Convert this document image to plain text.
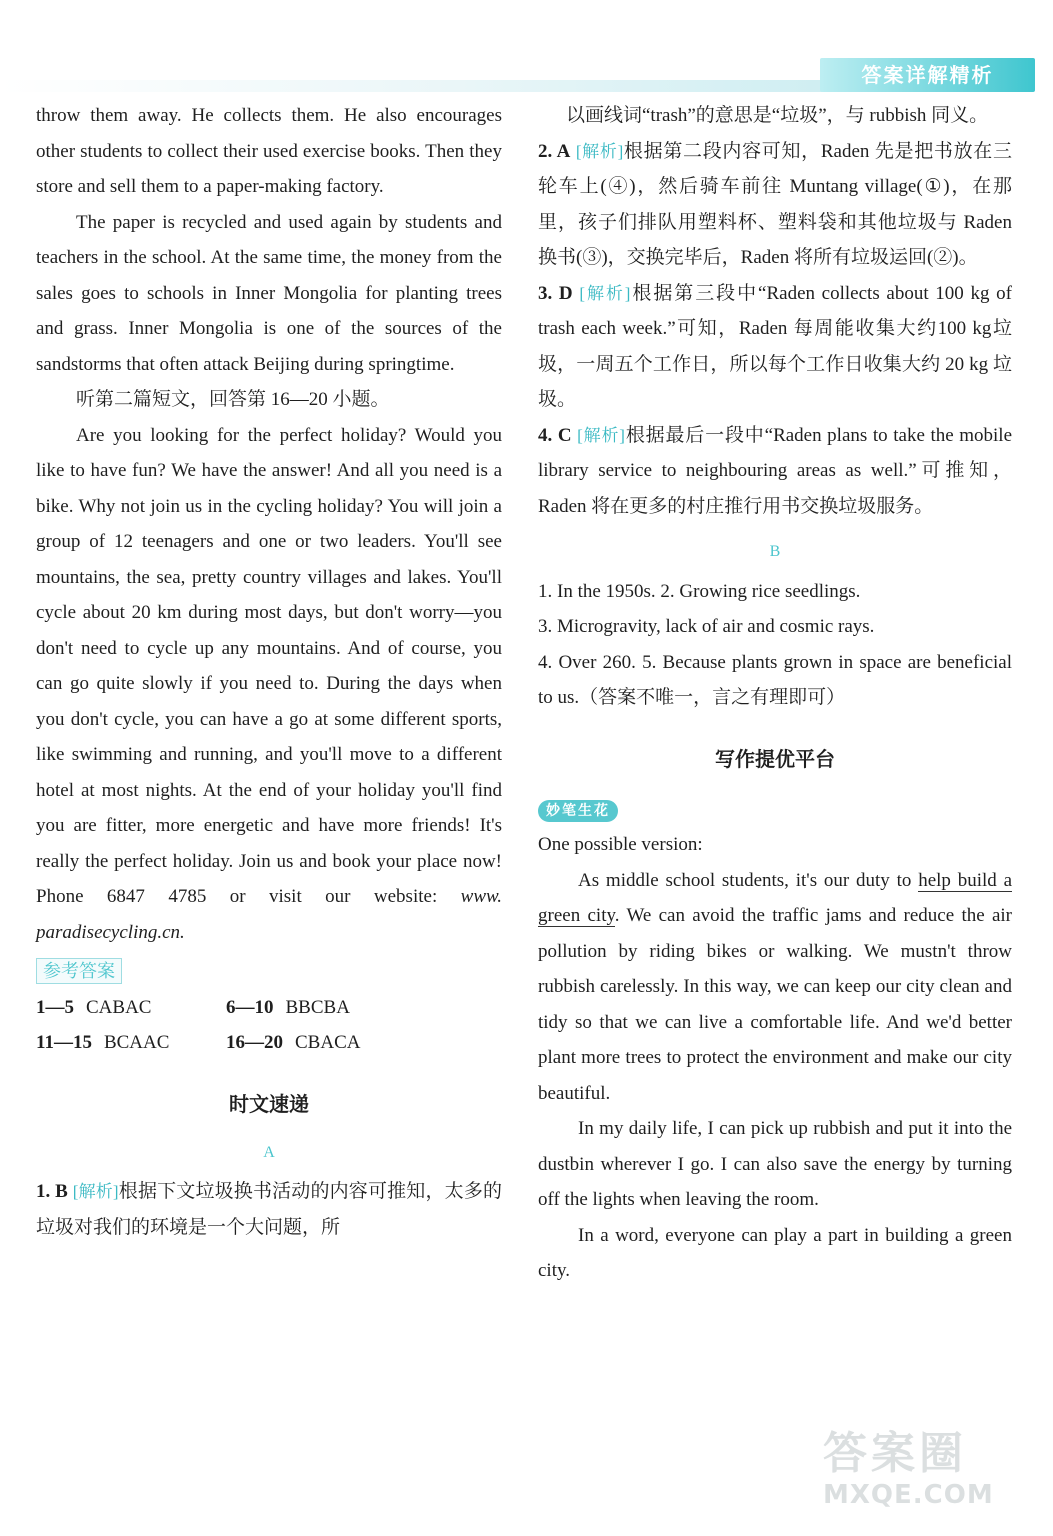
答案详解精析

throw them away. He collects them. He also encourages other students to collect their used exercise books. Then they store and sell them to a paper-making factory.

The paper is recycled and used again by students and teachers in the school. At the same time, the money from the sales goes to schools in Inner Mongolia for planting trees and grass. Inner Mongolia is one of the sources of the sandstorms that often attack Beijing during springtime.

听第二篇短文，回答第 16—20 小题。

Are you looking for the perfect holiday? Would you like to have fun? We have the answer! And all you need is a bike. Why not join us in the cycling holiday? You will join a group of 12 teenagers and one or two leaders. You'll see mountains, the sea, pretty country villages and lakes. You'll cycle about 20 km during most days, but don't worry—you don't need to cycle up any mountains. And of course, you can go quite slowly if you need to. During the days when you don't cycle, you can have a go at some different sports, like swimming and running, and you'll move to a different hotel at most nights. At the end of your holiday you'll find you are fitter, more energetic and have more friends! It's really the perfect holiday. Join us and book your place now! Phone 6847 4785 or visit our website: www. paradisecycling.cn.

参考答案
1—5 CABAC	6—10 BBCBA
11—15 BCAAC	16—20 CBACA
时文速递
A

1. B [解析]根据下文垃圾换书活动的内容可推知，太多的垃圾对我们的环境是一个大问题，所

以画线词“trash”的意思是“垃圾”，与 rubbish 同义。

2. A [解析]根据第二段内容可知，Raden 先是把书放在三轮车上(④)，然后骑车前往 Muntang village(①)，在那里，孩子们排队用塑料杯、塑料袋和其他垃圾与 Raden 换书(③)，交换完毕后，Raden 将所有垃圾运回(②)。

3. D [解析]根据第三段中“Raden collects about 100 kg of trash each week.”可知，Raden 每周能收集大约100 kg垃圾，一周五个工作日，所以每个工作日收集大约 20 kg 垃圾。

4. C [解析]根据最后一段中“Raden plans to take the mobile library service to neighbouring areas as well.”可推知，Raden 将在更多的村庄推行用书交换垃圾服务。

B

1. In the 1950s. 2. Growing rice seedlings.

3. Microgravity, lack of air and cosmic rays.

4. Over 260. 5. Because plants grown in space are beneficial to us.（答案不唯一，言之有理即可）

写作提优平台
妙笔生花

One possible version:

As middle school students, it's our duty to help build a green city. We can avoid the traffic jams and reduce the air pollution by riding bikes or walking. We mustn't throw rubbish carelessly. In this way, we can keep our city clean and tidy so that we can live a comfortable life. And we'd better plant more trees to protect the environment and make our city beautiful.

In my daily life, I can pick up rubbish and put it into the dustbin wherever I go. I can also save the energy by turning off the lights when leaving the room.

In a word, everyone can play a part in building a green city.

答案圈
MXQE.COM
